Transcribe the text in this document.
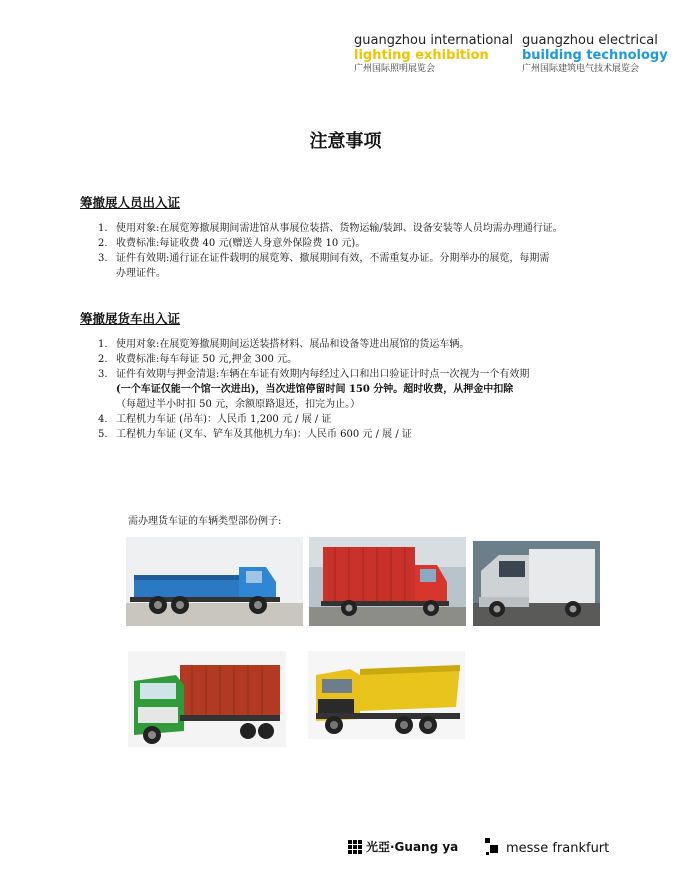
guangzhou international
lighting exhibition
广州国际照明展览会
guangzhou electrical
building technology
广州国际建筑电气技术展览会
注意事项
筹撤展人员出入证
1. 使用对象:在展览筹撤展期间需进馆从事展位装搭、货物运输/装卸、设备安装等人员均需办理通行证。
2. 收费标准:每证收费 40 元(赠送人身意外保险费 10 元)。
3. 证件有效期:通行证在证件载明的展览筹、撤展期间有效，不需重复办证。分期举办的展览，每期需
办理证件。
筹撤展货车出入证
1. 使用对象:在展览筹撤展期间运送装搭材料、展品和设备等进出展馆的货运车辆。
2. 收费标准:每车每证 50 元,押金 300 元。
3. 证件有效期与押金清退:车辆在车证有效期内每经过入口和出口验证计时点一次视为一个有效期
(一个车证仅能一个馆一次进出)，当次进馆停留时间 150 分钟。超时收费，从押金中扣除
（每超过半小时扣 50 元，余额原路退还，扣完为止。）
4. 工程机力车证 (吊车)：人民币 1,200 元 / 展 / 证
5. 工程机力车证 (叉车、铲车及其他机力车)：人民币 600 元 / 展 / 证
需办理货车证的车辆类型部份例子:
光亞·Guang ya	messe frankfurt
